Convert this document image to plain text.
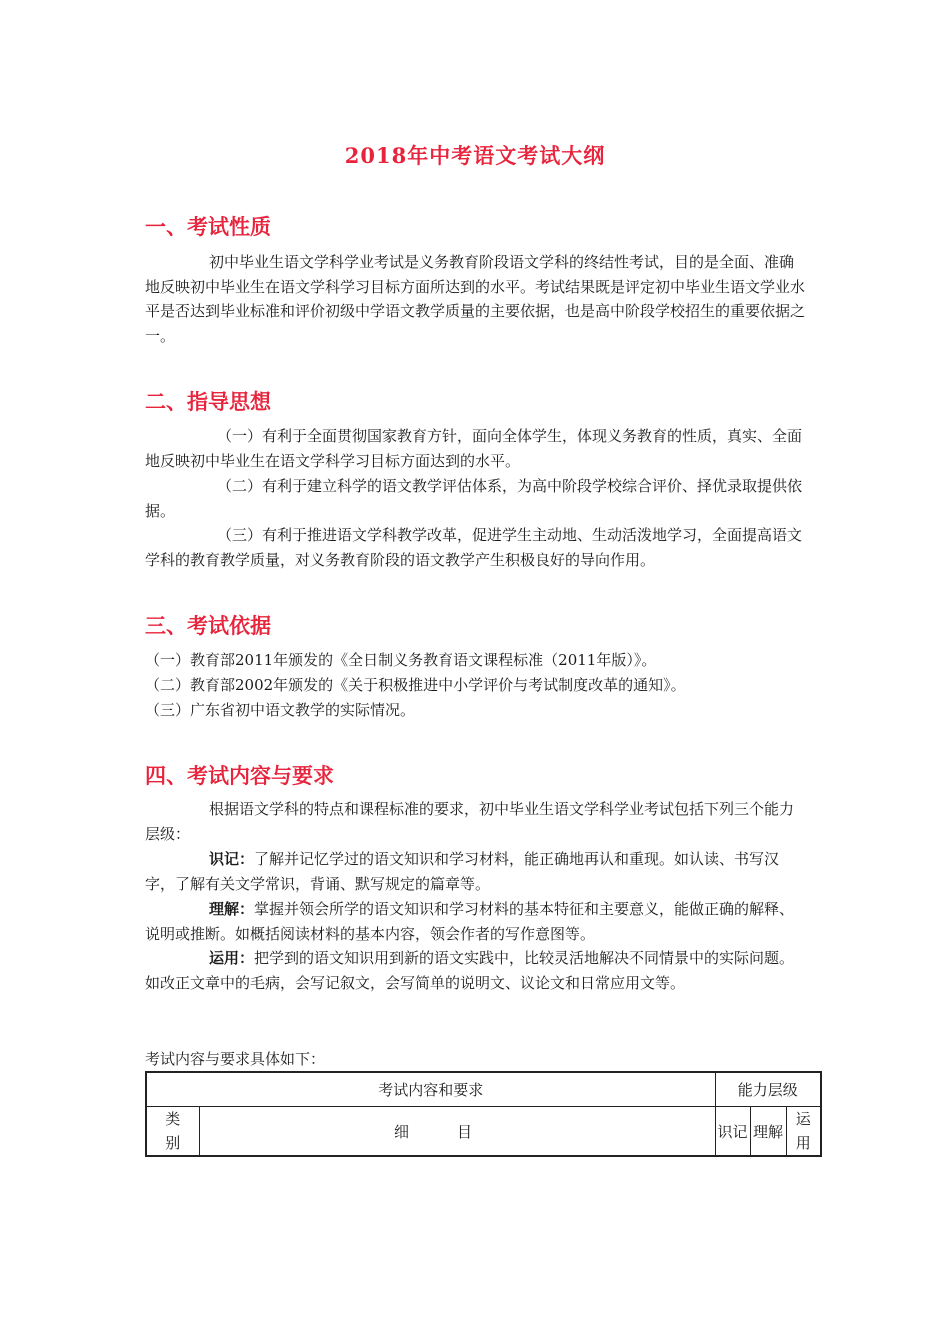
2018年中考语文考试大纲
一、考试性质

初中毕业生语文学科学业考试是义务教育阶段语文学科的终结性考试，目的是全面、准确地反映初中毕业生在语文学科学习目标方面所达到的水平。考试结果既是评定初中毕业生语文学业水平是否达到毕业标准和评价初级中学语文教学质量的主要依据，也是高中阶段学校招生的重要依据之一。

二、指导思想

（一）有利于全面贯彻国家教育方针，面向全体学生，体现义务教育的性质，真实、全面地反映初中毕业生在语文学科学习目标方面达到的水平。

（二）有利于建立科学的语文教学评估体系，为高中阶段学校综合评价、择优录取提供依据。

（三）有利于推进语文学科教学改革，促进学生主动地、生动活泼地学习，全面提高语文学科的教育教学质量，对义务教育阶段的语文教学产生积极良好的导向作用。

三、考试依据
（一）教育部2011年颁发的《全日制义务教育语文课程标准（2011年版）》。
（二）教育部2002年颁发的《关于积极推进中小学评价与考试制度改革的通知》。
（三）广东省初中语文教学的实际情况。
四、考试内容与要求

根据语文学科的特点和课程标准的要求，初中毕业生语文学科学业考试包括下列三个能力层级：

识记：了解并记忆学过的语文知识和学习材料，能正确地再认和重现。如认读、书写汉字，了解有关文学常识，背诵、默写规定的篇章等。

理解：掌握并领会所学的语文知识和学习材料的基本特征和主要意义，能做正确的解释、说明或推断。如概括阅读材料的基本内容，领会作者的写作意图等。

运用：把学到的语文知识用到新的语文实践中，比较灵活地解决不同情景中的实际问题。如改正文章中的毛病，会写记叙文，会写简单的说明文、议论文和日常应用文等。

考试内容与要求具体如下：
考试内容和要求		能力层级		
类别	细目	识记	理解	运用
